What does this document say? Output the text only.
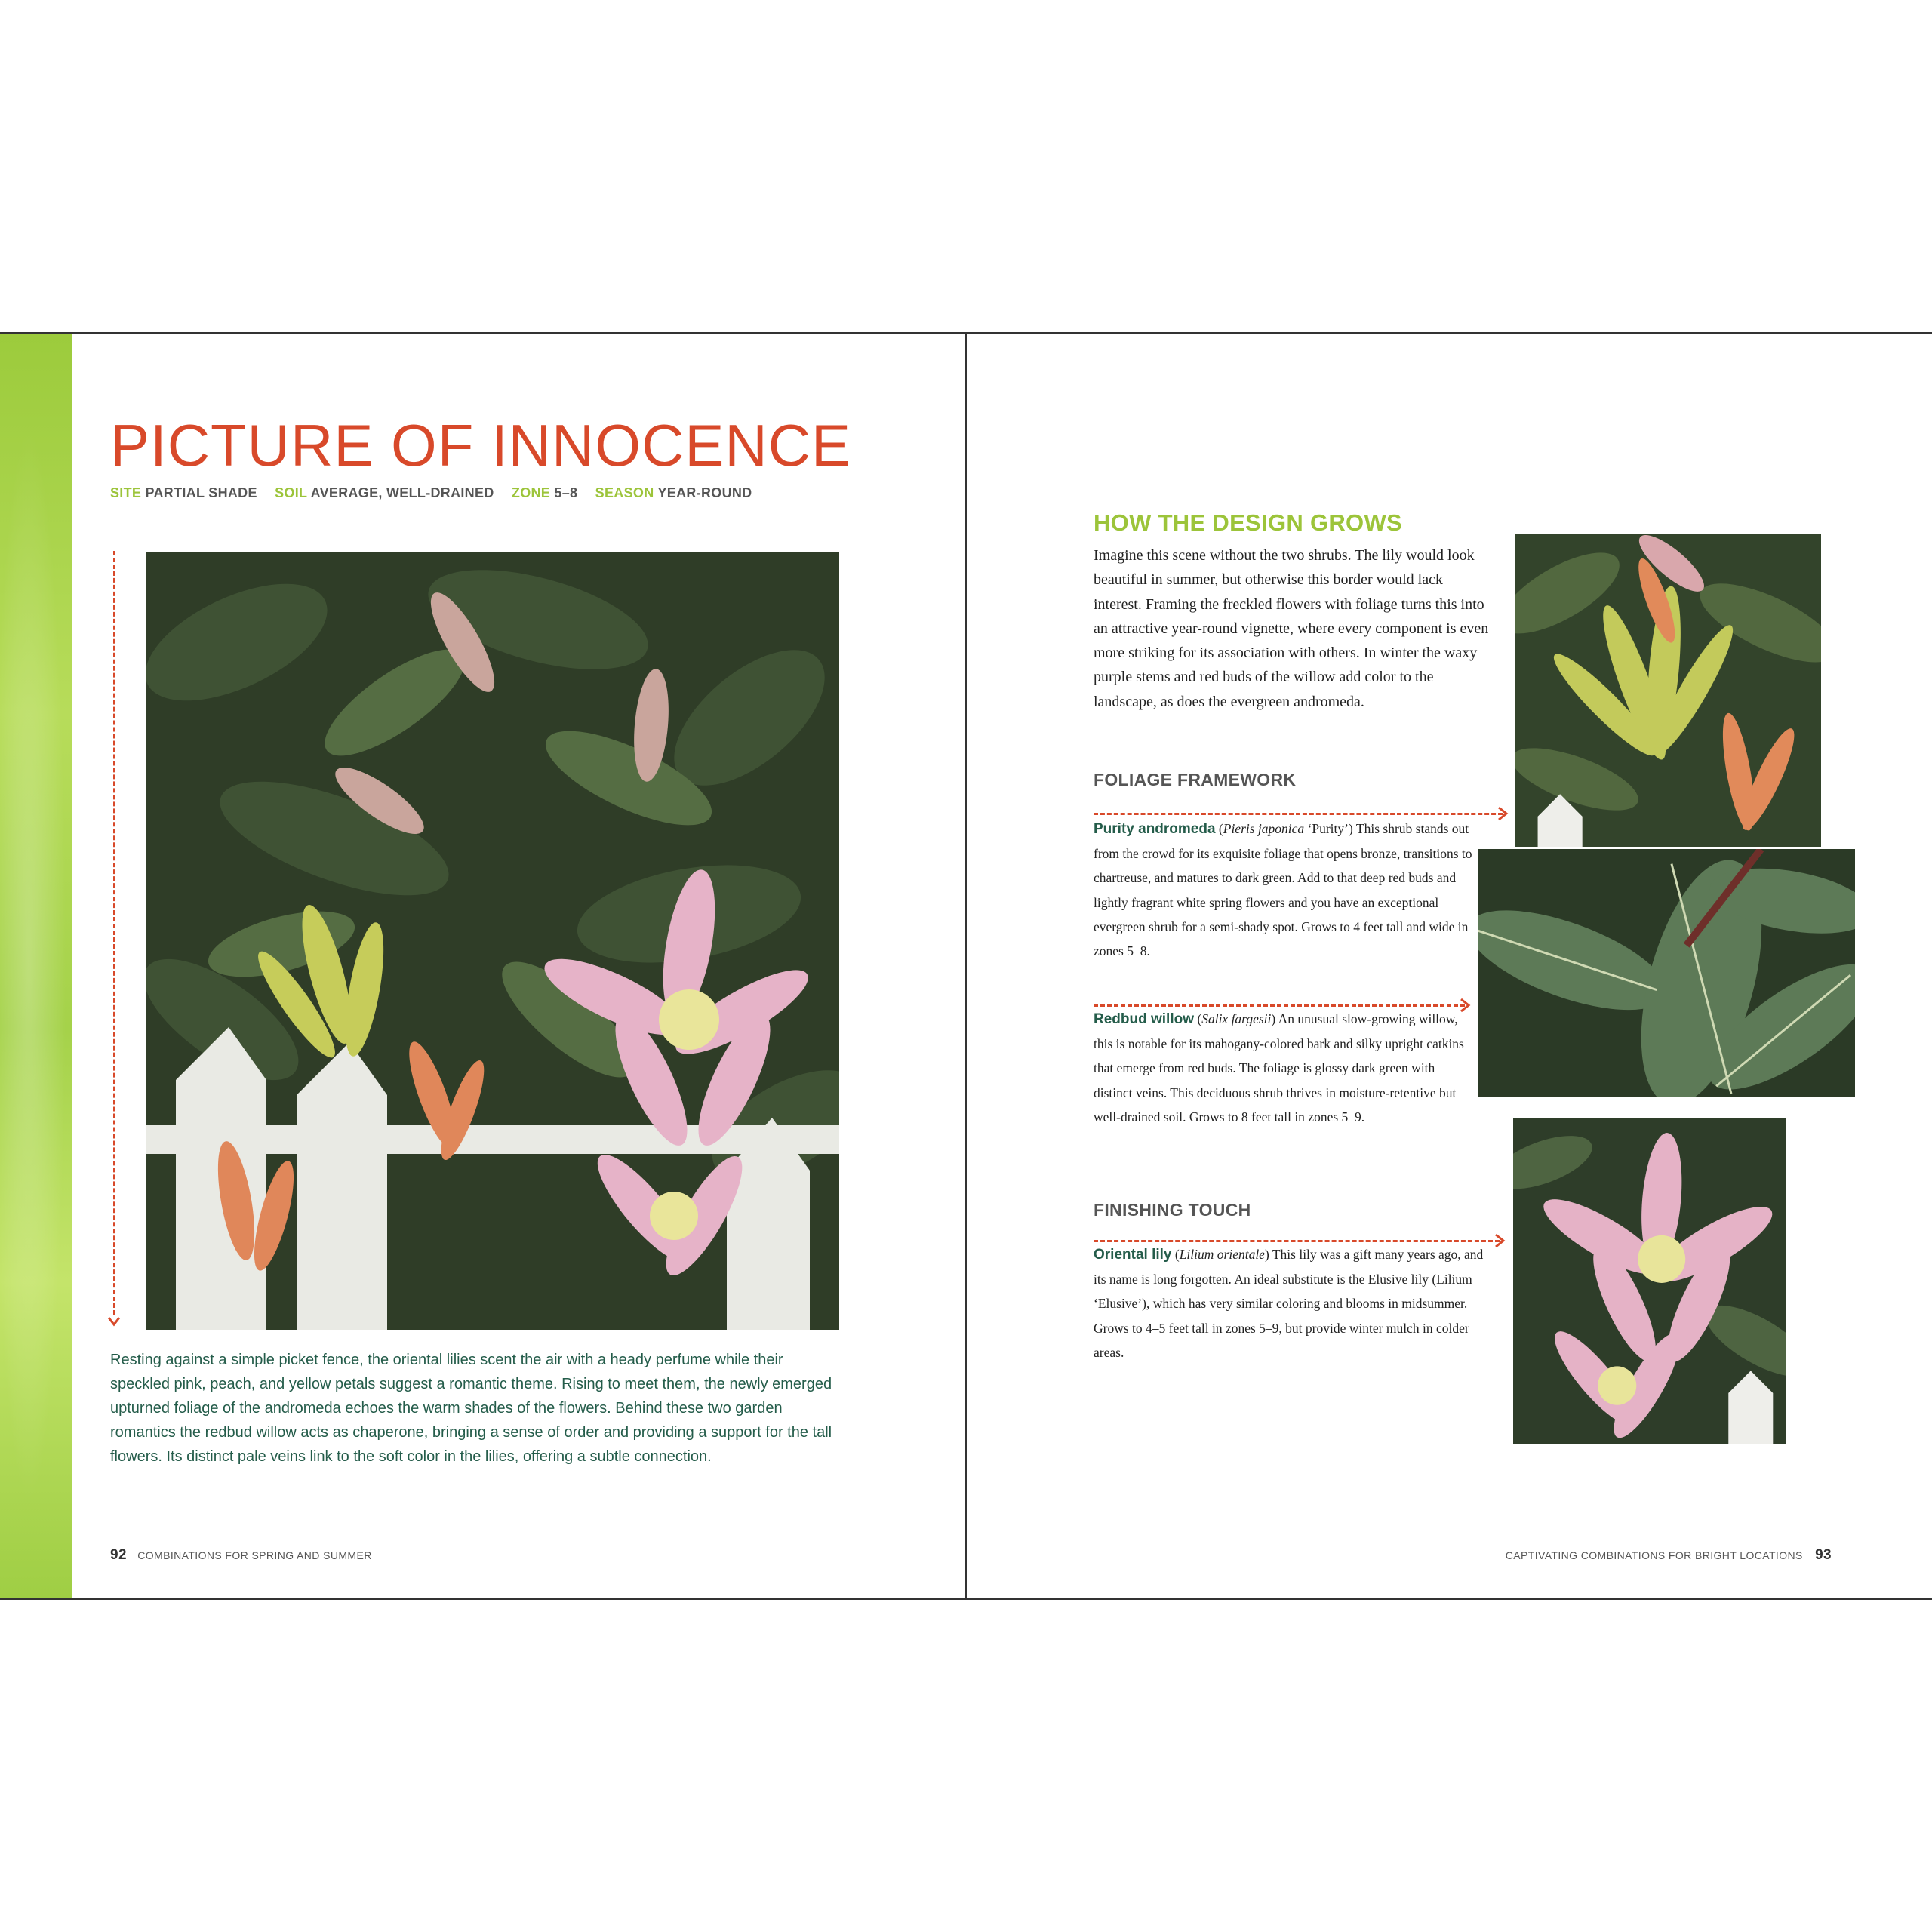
PICTURE OF INNOCENCE
SITE PARTIAL SHADE SOIL AVERAGE, WELL-DRAINED ZONE 5–8 SEASON YEAR-ROUND

Resting against a simple picket fence, the oriental lilies scent the air with a heady perfume while their speckled pink, peach, and yellow petals suggest a romantic theme. Rising to meet them, the newly emerged upturned foliage of the andromeda echoes the warm shades of the flowers. Behind these two garden romantics the redbud willow acts as chaperone, bringing a sense of order and providing a support for the tall flowers. Its distinct pale veins link to the soft color in the lilies, offering a subtle connection.

92 COMBINATIONS FOR SPRING AND SUMMER
HOW THE DESIGN GROWS

Imagine this scene without the two shrubs. The lily would look beautiful in summer, but otherwise this border would lack interest. Framing the freckled flowers with foliage turns this into an attractive year-round vignette, where every component is even more striking for its association with others. In winter the waxy purple stems and red buds of the willow add color to the landscape, as does the evergreen andromeda.

FOLIAGE FRAMEWORK
Purity andromeda (Pieris japonica ‘Purity’) This shrub stands out from the crowd for its exquisite foliage that opens bronze, transitions to chartreuse, and matures to dark green. Add to that deep red buds and lightly fragrant white spring flowers and you have an exceptional evergreen shrub for a semi-shady spot. Grows to 4 feet tall and wide in zones 5–8.
Redbud willow (Salix fargesii) An unusual slow-growing willow, this is notable for its mahogany-colored bark and silky upright catkins that emerge from red buds. The foliage is glossy dark green with distinct veins. This deciduous shrub thrives in moisture-retentive but well-drained soil. Grows to 8 feet tall in zones 5–9.
FINISHING TOUCH
Oriental lily (Lilium orientale) This lily was a gift many years ago, and its name is long forgotten. An ideal substitute is the Elusive lily (Lilium ‘Elusive’), which has very similar coloring and blooms in midsummer. Grows to 4–5 feet tall in zones 5–9, but provide winter mulch in colder areas.
CAPTIVATING COMBINATIONS FOR BRIGHT LOCATIONS 93
